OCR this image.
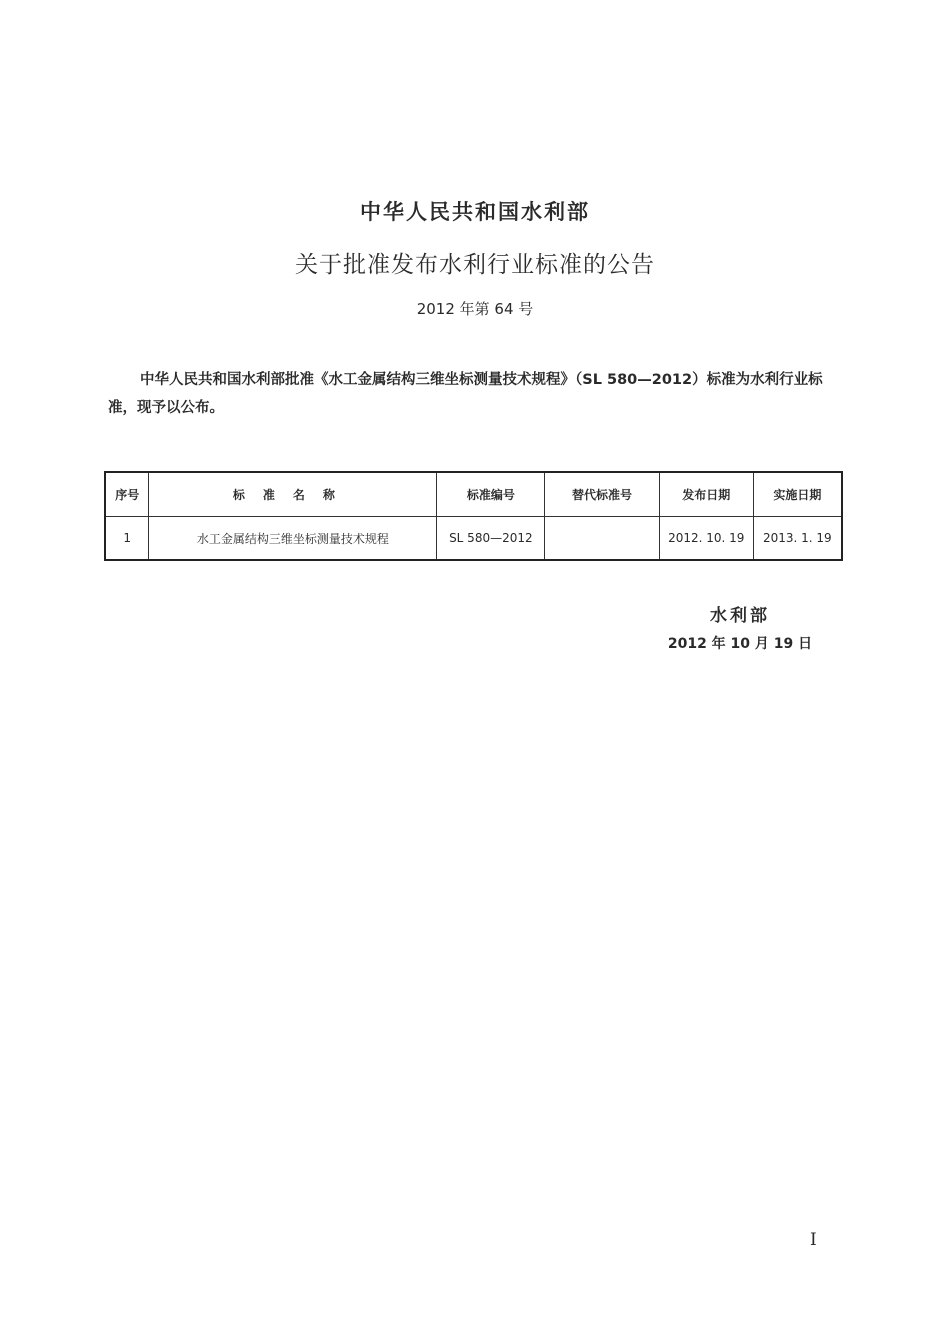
中华人民共和国水利部
关于批准发布水利行业标准的公告
2012 年第 64 号
中华人民共和国水利部批准《水工金属结构三维坐标测量技术规程》（SL 580—2012）标准为水利行业标准，现予以公布。
序号	标准名称	标准编号	替代标准号	发布日期	实施日期
1	水工金属结构三维坐标测量技术规程	SL 580—2012		2012. 10. 19	2013. 1. 19
水利部
2012 年 10 月 19 日
I
